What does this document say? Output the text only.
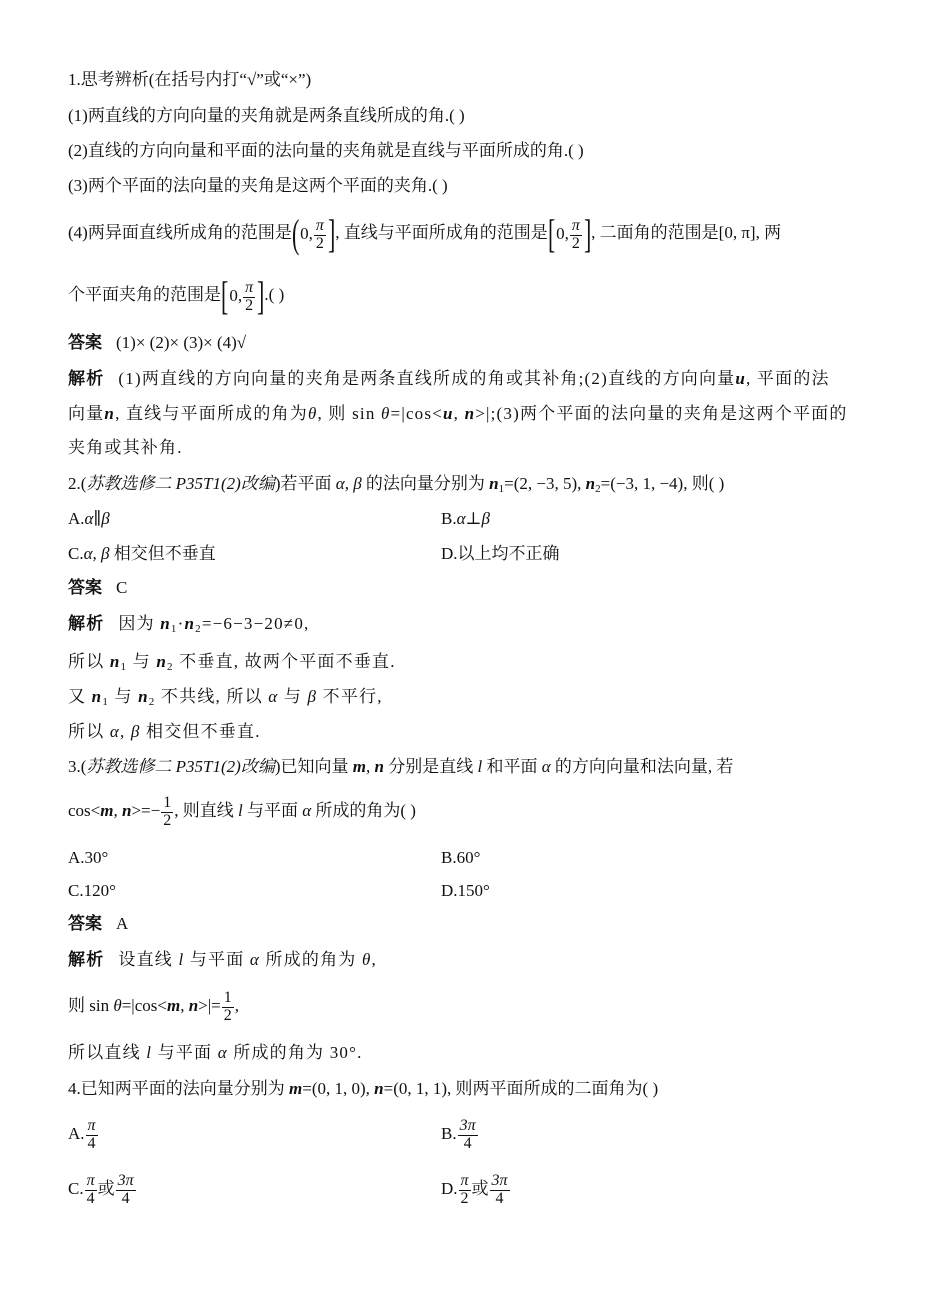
1.思考辨析(在括号内打“√”或“×”)
(1)两直线的方向向量的夹角就是两条直线所成的角.( )
(2)直线的方向向量和平面的法向量的夹角就是直线与平面所成的角.( )
(3)两个平面的法向量的夹角是这两个平面的夹角.( )
(4)两异面直线所成角的范围是(0, $\frac{\pi}{2}$ ], 直线与平面所成角的范围是[0, $\frac{\pi}{2}$ ], 二面角的范围是[0, π], 两
个平面夹角的范围是[0, $\frac{\pi}{2}$ ].( )
答案 (1)× (2)× (3)× (4)√
解析 (1)两直线的方向向量的夹角是两条直线所成的角或其补角;(2)直线的方向向量u, 平面的法
向量n, 直线与平面所成的角为θ, 则 sin θ=|cos<u, n>|;(3)两个平面的法向量的夹角是这两个平面的
夹角或其补角.
2.(苏教选修二 P35T1(2)改编)若平面 α, β 的法向量分别为 $n_1=(2$, −3, 5), $n_2=(-3$, 1, −4), 则( )
A.α∥β	B.α⊥β
C.α, β 相交但不垂直	D.以上均不正确
答案 C
解析 因为 $n_1\cdot n_2=-6-3-20\ne 0$,
所以 $n_1$ 与 $n_2$ 不垂直, 故两个平面不垂直.
又 $n_1$ 与 $n_2$ 不共线, 所以 α 与 β 不平行,
所以 α, β 相交但不垂直.
3.(苏教选修二 P35T1(2)改编)已知向量 m, n 分别是直线 l 和平面 α 的方向向量和法向量, 若
cos<m, $n>=- \frac{1}{2}$ , 则直线 l 与平面 α 所成的角为( )
A.30°	B.60°
C.120°	D.150°
答案 A
解析 设直线 l 与平面 α 所成的角为 θ,
则 sin θ=|cos<m, $n>|= \frac{1}{2}$ ,
所以直线 l 与平面 α 所成的角为 30°.
4.已知两平面的法向量分别为 m=(0, 1, 0), n=(0, 1, 1), 则两平面所成的二面角为( )
A. $\frac{\pi}{4}$	B. $\frac{3\pi}{4}$
C. $\frac{\pi}{4}$ 或 $\frac{3\pi}{4}$	D. $\frac{\pi}{2}$ 或 $\frac{3\pi}{4}$
